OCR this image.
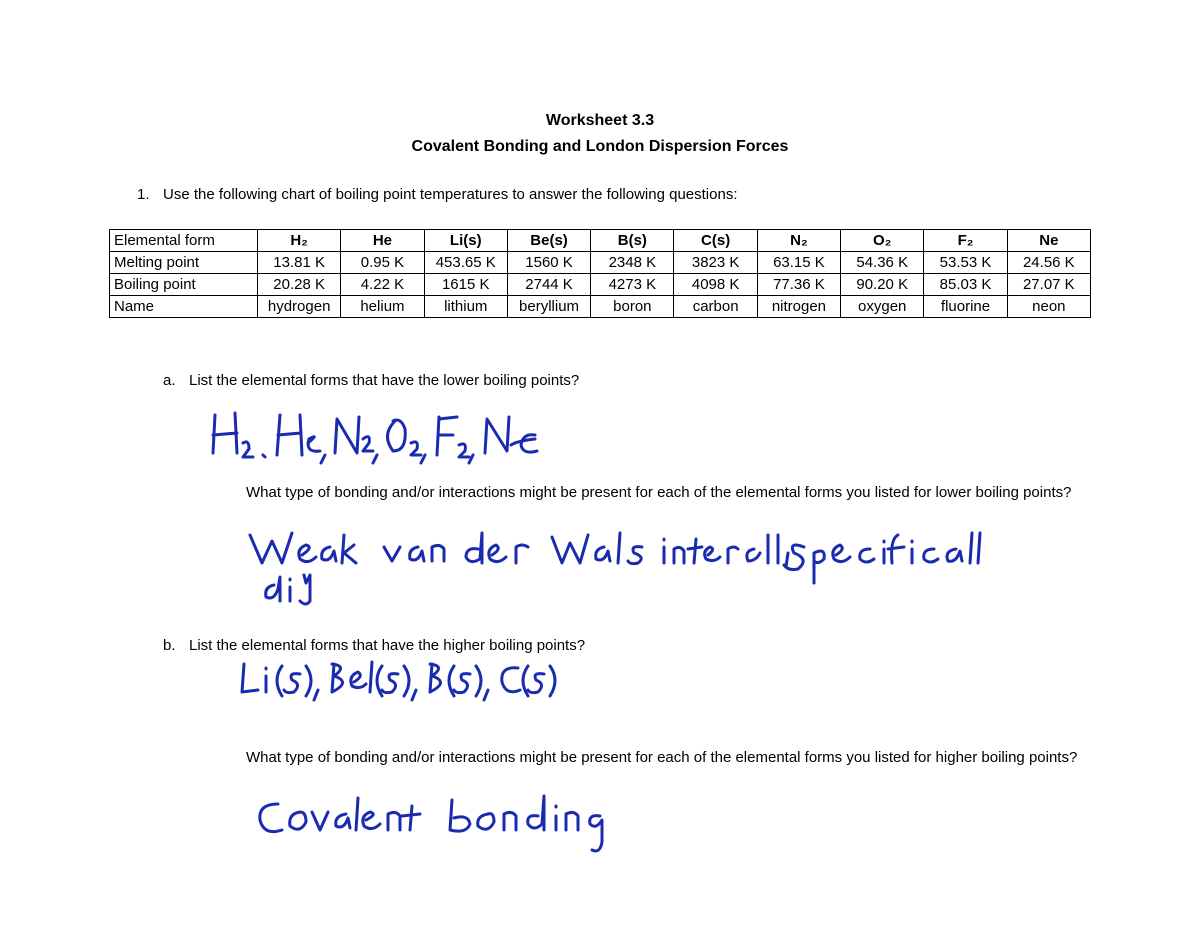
Worksheet 3.3
Covalent Bonding and London Dispersion Forces
1. Use the following chart of boiling point temperatures to answer the following questions:
Elemental form	H₂	He	Li(s)	Be(s)	B(s)	C(s)	N₂	O₂	F₂	Ne
Melting point	13.81 K	0.95 K	453.65 K	1560 K	2348 K	3823 K	63.15 K	54.36 K	53.53 K	24.56 K
Boiling point	20.28 K	4.22 K	1615 K	2744 K	4273 K	4098 K	77.36 K	90.20 K	85.03 K	27.07 K
Name	hydrogen	helium	lithium	beryllium	boron	carbon	nitrogen	oxygen	fluorine	neon
a. List the elemental forms that have the lower boiling points?
What type of bonding and/or interactions might be present for each of the elemental forms you listed for lower boiling points?
b. List the elemental forms that have the higher boiling points?
What type of bonding and/or interactions might be present for each of the elemental forms you listed for higher boiling points?
